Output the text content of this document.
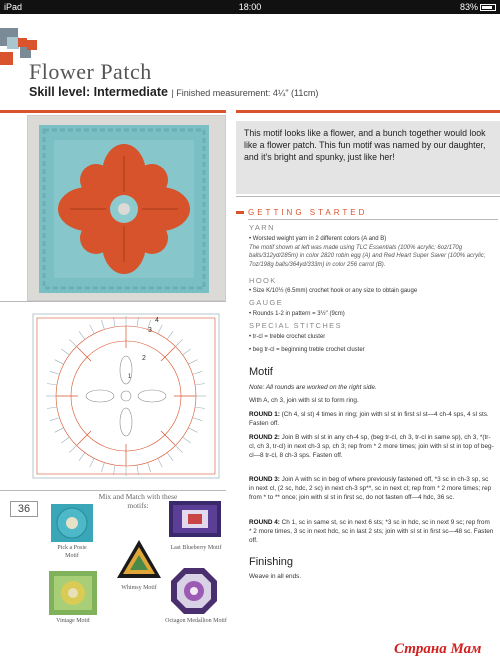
iPad	18:00	83%
Flower Patch
Skill level: Intermediate | Finished measurement: 4¼" (11cm)
4
3
2
1
This motif looks like a flower, and a bunch together would look like a flower patch. This fun motif was named by our daughter, and it's bright and spunky, just like her!
GETTING STARTED
YARN
• Worsted weight yarn in 2 different colors (A and B)
The motif shown at left was made using TLC Essentials (100% acrylic; 6oz/170g balls/312yd/285m) in color 2820 robin egg (A) and Red Heart Super Saver (100% acrylic; 7oz/198g balls/364yd/333m) in color 256 carrot (B).
HOOK
• Size K/10½ (6.5mm) crochet hook or any size to obtain gauge
GAUGE
• Rounds 1-2 in pattern = 3½" (9cm)
SPECIAL STITCHES
• tr-cl = treble crochet cluster
• beg tr-cl = beginning treble crochet cluster
Motif
Note: All rounds are worked on the right side.
With A, ch 3, join with sl st to form ring.
ROUND 1: (Ch 4, sl st) 4 times in ring; join with sl st in first sl st—4 ch-4 sps, 4 sl sts. Fasten off.
ROUND 2: Join B with sl st in any ch-4 sp, (beg tr-cl, ch 3, tr-cl in same sp), ch 3, *(tr-cl, ch 3, tr-cl) in next ch-3 sp, ch 3; rep from * 2 more times; join with sl st in top of beg-cl—8 tr-cl, 8 ch-3 sps. Fasten off.
ROUND 3: Join A with sc in beg of where previously fastened off, *3 sc in ch-3 sp, sc in next cl, (2 sc, hdc, 2 sc) in next ch-3 sp**, sc in next cl; rep from * 2 more times; rep from * to ** once; join with sl st in first sc, do not fasten off—4 hdc, 36 sc.
ROUND 4: Ch 1, sc in same st, sc in next 6 sts; *3 sc in hdc, sc in next 9 sc; rep from * 2 more times, 3 sc in next hdc, sc in last 2 sts; join with sl st in first sc—48 sc. Fasten off.
Finishing
Weave in all ends.
36
Mix and Match with these motifs:
Pick a Posie Motif
Last Blueberry Motif
Whimsy Motif
Vintage Motif	Octagon Medallion Motif
Страна Мам
